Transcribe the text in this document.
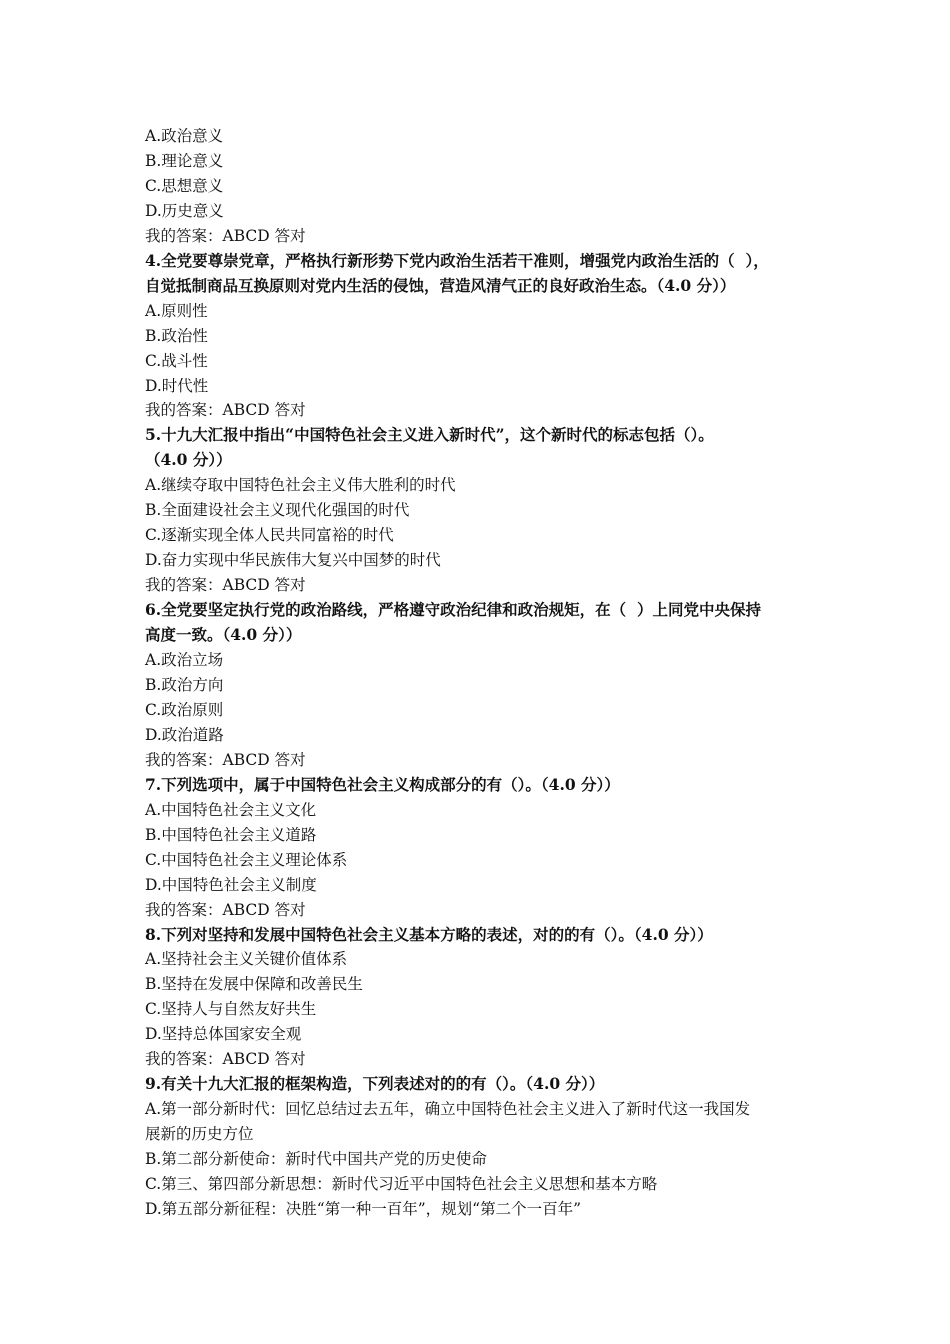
A.政治意义

B.理论意义

C.思想意义

D.历史意义

我的答案：ABCD 答对

4.全党要尊崇党章，严格执行新形势下党内政治生活若干准则，增强党内政治生活的（  ），

自觉抵制商品互换原则对党内生活的侵蚀，营造风清气正的良好政治生态。（4.0 分））

A.原则性

B.政治性

C.战斗性

D.时代性

我的答案：ABCD 答对

5.十九大汇报中指出“中国特色社会主义进入新时代”，这个新时代的标志包括（）。

（4.0 分））

A.继续夺取中国特色社会主义伟大胜利的时代

B.全面建设社会主义现代化强国的时代

C.逐渐实现全体人民共同富裕的时代

D.奋力实现中华民族伟大复兴中国梦的时代

我的答案：ABCD 答对

6.全党要坚定执行党的政治路线，严格遵守政治纪律和政治规矩，在（  ）上同党中央保持

高度一致。（4.0 分））

A.政治立场

B.政治方向

C.政治原则

D.政治道路

我的答案：ABCD 答对

7.下列选项中，属于中国特色社会主义构成部分的有（）。（4.0 分））

A.中国特色社会主义文化

B.中国特色社会主义道路

C.中国特色社会主义理论体系

D.中国特色社会主义制度

我的答案：ABCD 答对

8.下列对坚持和发展中国特色社会主义基本方略的表述，对的的有（）。（4.0 分））

A.坚持社会主义关键价值体系

B.坚持在发展中保障和改善民生

C.坚持人与自然友好共生

D.坚持总体国家安全观

我的答案：ABCD 答对

9.有关十九大汇报的框架构造，下列表述对的的有（）。（4.0 分））

A.第一部分新时代：回忆总结过去五年，确立中国特色社会主义进入了新时代这一我国发

展新的历史方位

B.第二部分新使命：新时代中国共产党的历史使命

C.第三、第四部分新思想：新时代习近平中国特色社会主义思想和基本方略

D.第五部分新征程：决胜“第一种一百年”，规划“第二个一百年”
